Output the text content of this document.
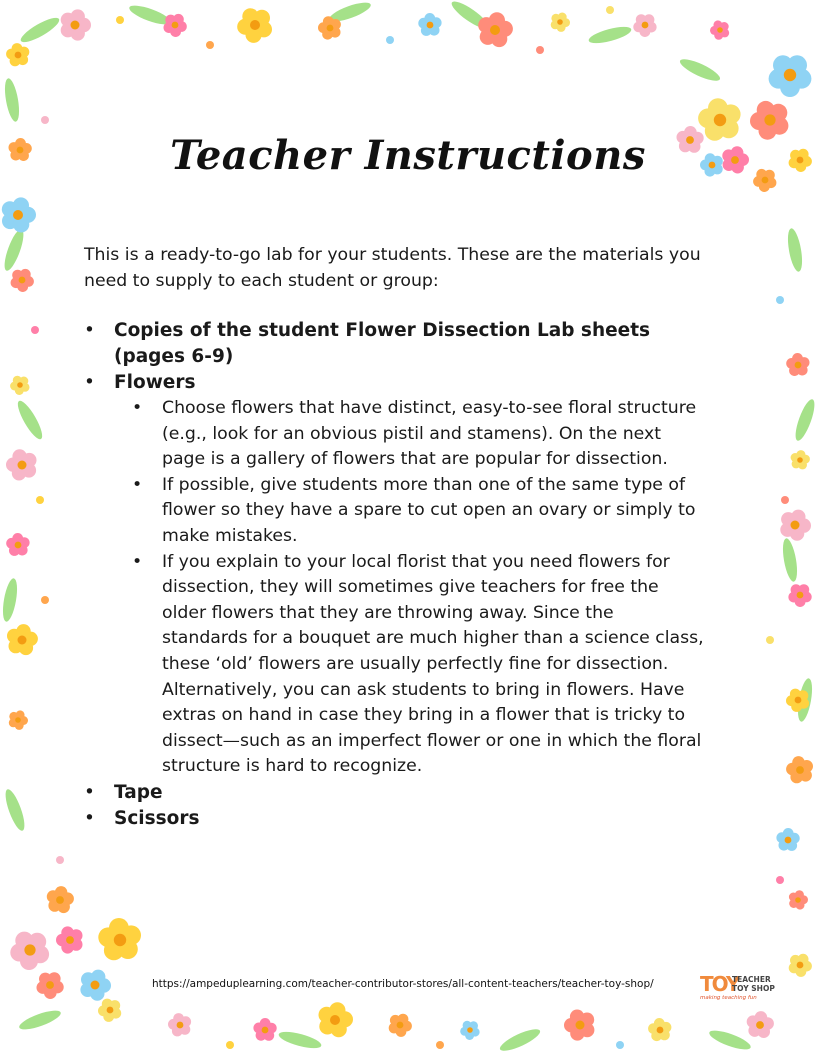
Teacher Instructions
This is a ready-to-go lab for your students. These are the materials you need to supply to each student or group:
• Copies of the student Flower Dissection Lab sheets (pages 6-9)
• Flowers
• Choose flowers that have distinct, easy-to-see floral structure (e.g., look for an obvious pistil and stamens). On the next page is a gallery of flowers that are popular for dissection.
• If possible, give students more than one of the same type of flower so they have a spare to cut open an ovary or simply to make mistakes.
• If you explain to your local florist that you need flowers for dissection, they will sometimes give teachers for free the older flowers that they are throwing away. Since the standards for a bouquet are much higher than a science class, these ‘old’ flowers are usually perfectly fine for dissection. Alternatively, you can ask students to bring in flowers. Have extras on hand in case they bring in a flower that is tricky to dissect—such as an imperfect flower or one in which the floral structure is hard to recognize.
• Tape
• Scissors
https://ampeduplearning.com/teacher-contributor-stores/all-content-teachers/teacher-toy-shop/ TOY
TEACHER
TOY SHOP
making teaching fun
